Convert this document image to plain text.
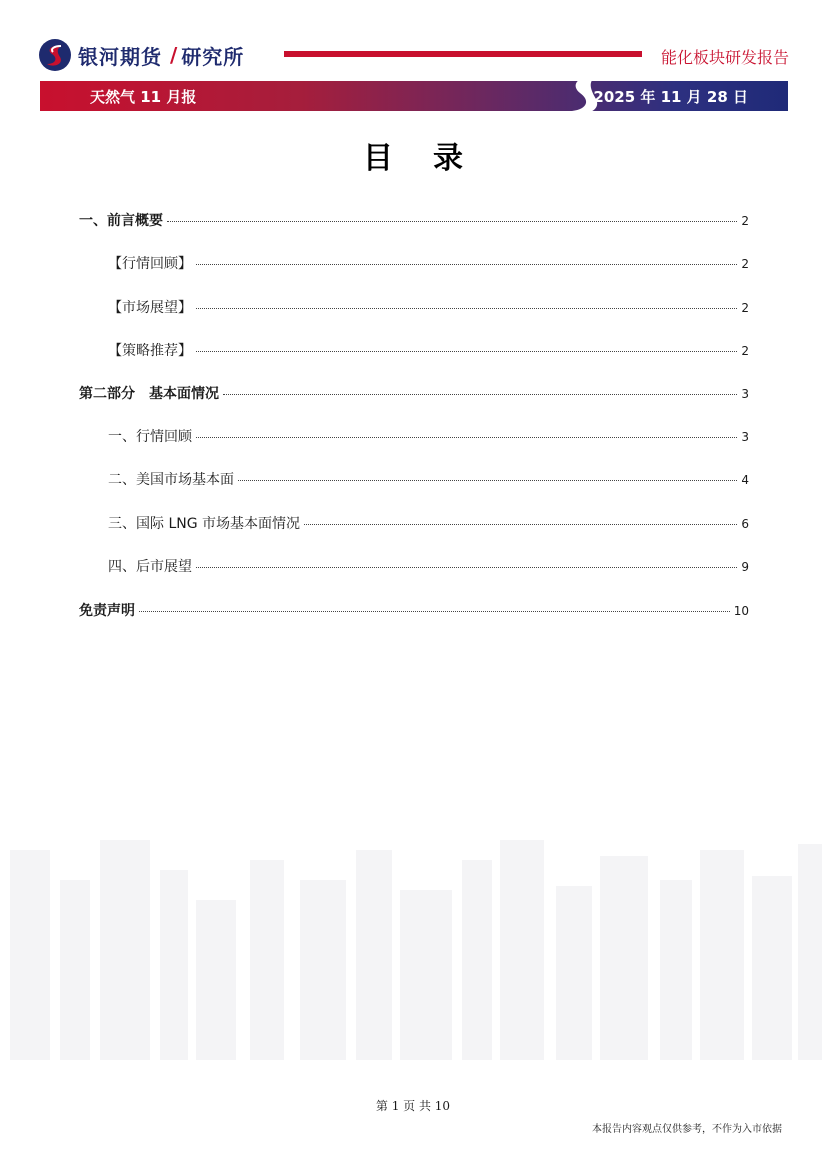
银河期货 / 研究所	能化板块研发报告
天然气 11 月报	2025 年 11 月 28 日
目录
一、前言概要	2
【行情回顾】	2
【市场展望】	2
【策略推荐】	2
第二部分　基本面情况	3
一、行情回顾	3
二、美国市场基本面	4
三、国际 LNG 市场基本面情况	6
四、后市展望	9
免责声明	10
第 1 页 共 10
本报告内容观点仅供参考，不作为入市依据
